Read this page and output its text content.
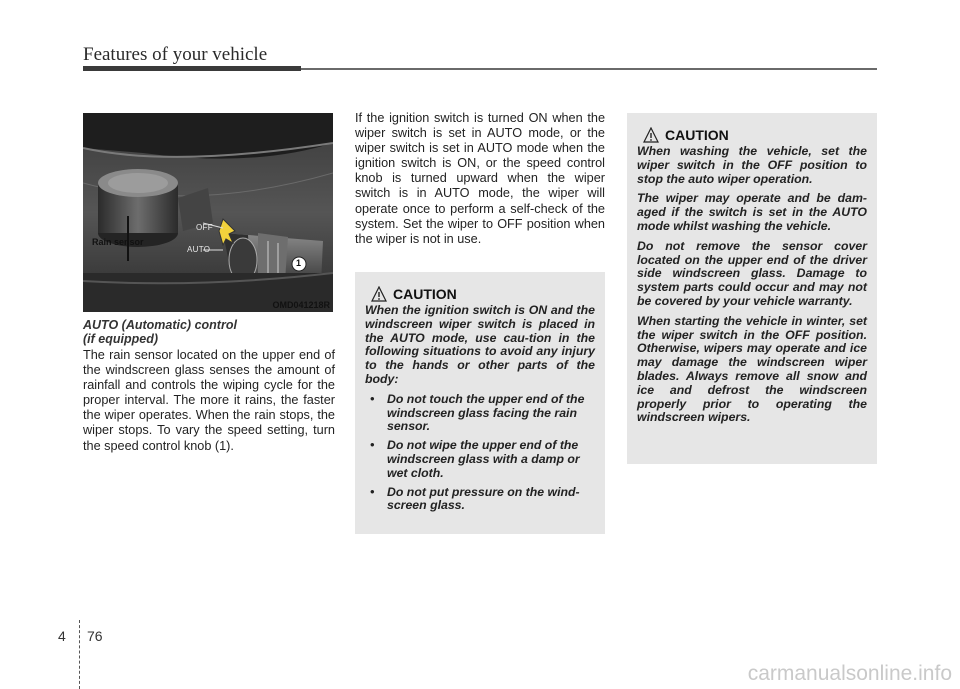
Features of your vehicle
Rain sensor
OFF
AUTO
1
OMD041218R
AUTO (Automatic) control
(if equipped)

The rain sensor located on the upper end of the windscreen glass senses the amount of rainfall and controls the wiping cycle for the proper interval. The more it rains, the faster the wiper operates. When the rain stops, the wiper stops. To vary the speed setting, turn the speed control knob (1).

If the ignition switch is turned ON when the wiper switch is set in AUTO mode, or the wiper switch is set in AUTO mode when the ignition switch is ON, or the speed control knob is turned upward when the wiper switch is in AUTO mode, the wiper will operate once to perform a self-check of the system. Set the wiper to OFF position when the wiper is not in use.

CAUTION

When the ignition switch is ON and the windscreen wiper switch is placed in the AUTO mode, use cau-tion in the following situations to avoid any injury to the hands or other parts of the body:

• Do not touch the upper end of the windscreen glass facing the rain sensor.
• Do not wipe the upper end of the windscreen glass with a damp or wet cloth.
• Do not put pressure on the wind-screen glass.
CAUTION

When washing the vehicle, set the wiper switch in the OFF position to stop the auto wiper operation.

The wiper may operate and be dam-aged if the switch is set in the AUTO mode whilst washing the vehicle.

Do not remove the sensor cover located on the upper end of the driver side windscreen glass. Damage to system parts could occur and may not be covered by your vehicle warranty.

When starting the vehicle in winter, set the wiper switch in the OFF position. Otherwise, wipers may operate and ice may damage the windscreen wiper blades. Always remove all snow and ice and defrost the windscreen properly prior to operating the windscreen wipers.

4 76
carmanualsonline.info
